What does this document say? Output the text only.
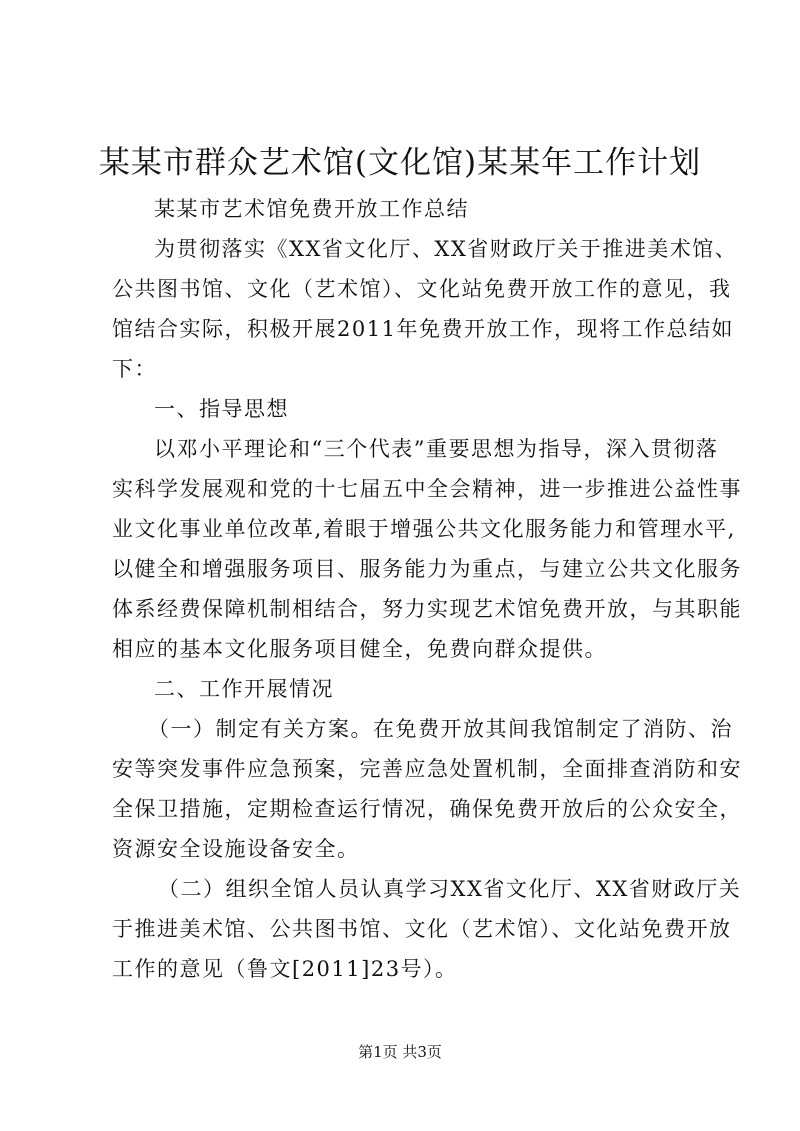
某某市群众艺术馆(文化馆)某某年工作计划
某某市艺术馆免费开放工作总结
为贯彻落实《XX省文化厅、XX省财政厅关于推进美术馆、
公共图书馆、文化（艺术馆）、文化站免费开放工作的意见，我
馆结合实际，积极开展2011年免费开放工作，现将工作总结如
下：
一、指导思想
以邓小平理论和“三个代表”重要思想为指导，深入贯彻落
实科学发展观和党的十七届五中全会精神，进一步推进公益性事
业文化事业单位改革,着眼于增强公共文化服务能力和管理水平,
以健全和增强服务项目、服务能力为重点，与建立公共文化服务
体系经费保障机制相结合，努力实现艺术馆免费开放，与其职能
相应的基本文化服务项目健全，免费向群众提供。
二、工作开展情况
（一）制定有关方案。在免费开放其间我馆制定了消防、治
安等突发事件应急预案，完善应急处置机制，全面排查消防和安
全保卫措施，定期检查运行情况，确保免费开放后的公众安全，
资源安全设施设备安全。
（二）组织全馆人员认真学习XX省文化厅、XX省财政厅关
于推进美术馆、公共图书馆、文化（艺术馆）、文化站免费开放
工作的意见（鲁文[2011]23号）。
第1页 共3页
